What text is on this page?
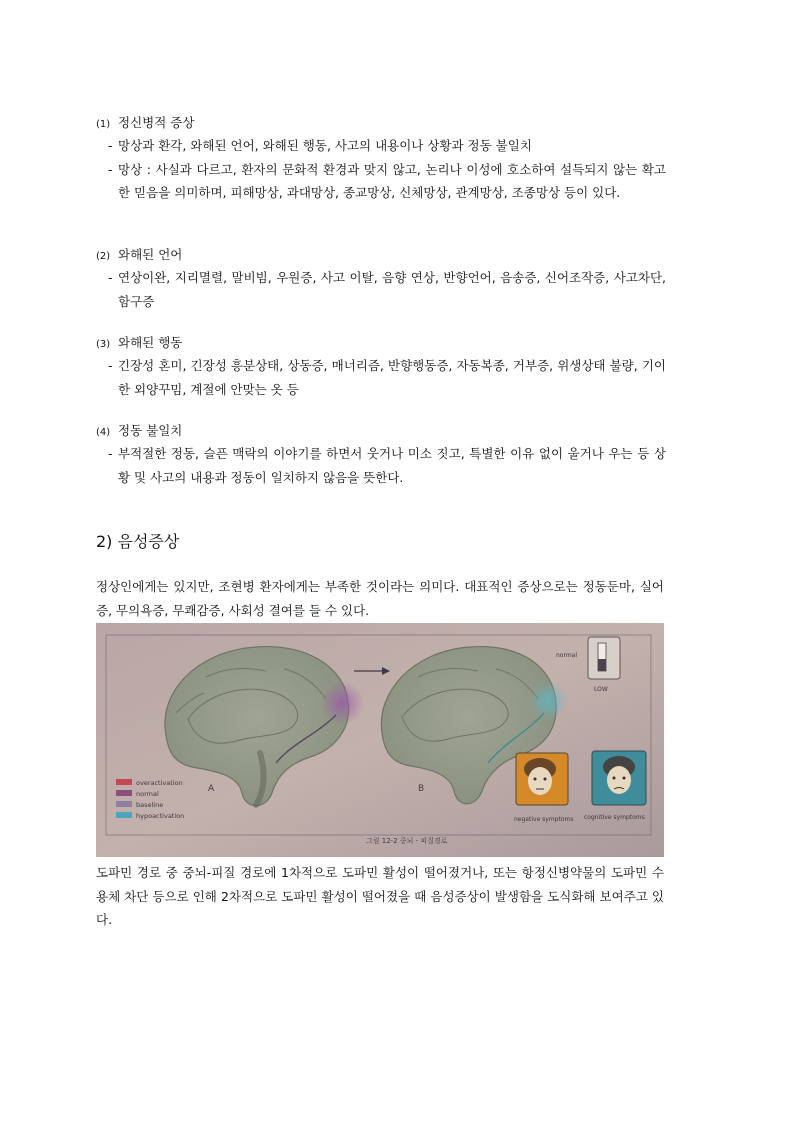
(1) 정신병적 증상
- 망상과 환각, 와해된 언어, 와해된 행동, 사고의 내용이나 상황과 정동 불일치
- 망상 : 사실과 다르고, 환자의 문화적 환경과 맞지 않고, 논리나 이성에 호소하여 설득되지 않는 확고한 믿음을 의미하며, 피해망상, 과대망상, 종교망상, 신체망상, 관계망상, 조종망상 등이 있다.
(2) 와해된 언어
- 연상이완, 지리멸렬, 말비빔, 우원증, 사고 이탈, 음향 연상, 반향언어, 음송증, 신어조작증, 사고차단, 함구증
(3) 와해된 행동
- 긴장성 혼미, 긴장성 흥분상태, 상동증, 매너리즘, 반향행동증, 자동복종, 거부증, 위생상태 불량, 기이한 외양꾸밈, 계절에 안맞는 옷 등
(4) 정동 불일치
- 부적절한 정동, 슬픈 맥락의 이야기를 하면서 웃거나 미소 짓고, 특별한 이유 없이 울거나 우는 등 상황 및 사고의 내용과 정동이 일치하지 않음을 뜻한다.
2) 음성증상
정상인에게는 있지만, 조현병 환자에게는 부족한 것이라는 의미다. 대표적인 증상으로는 정동둔마, 실어증, 무의욕증, 무쾌감증, 사회성 결여를 들 수 있다.
A	B
normal
LOW
overactivation
normal
baseline
hypoactivation	negative symptoms cognitive symptoms
그림 12-2 중뇌 - 피질경로
도파민 경로 중 중뇌-피질 경로에 1차적으로 도파민 활성이 떨어졌거나, 또는 항정신병약물의 도파민 수용체 차단 등으로 인해 2차적으로 도파민 활성이 떨어졌을 때 음성증상이 발생함을 도식화해 보여주고 있다.
